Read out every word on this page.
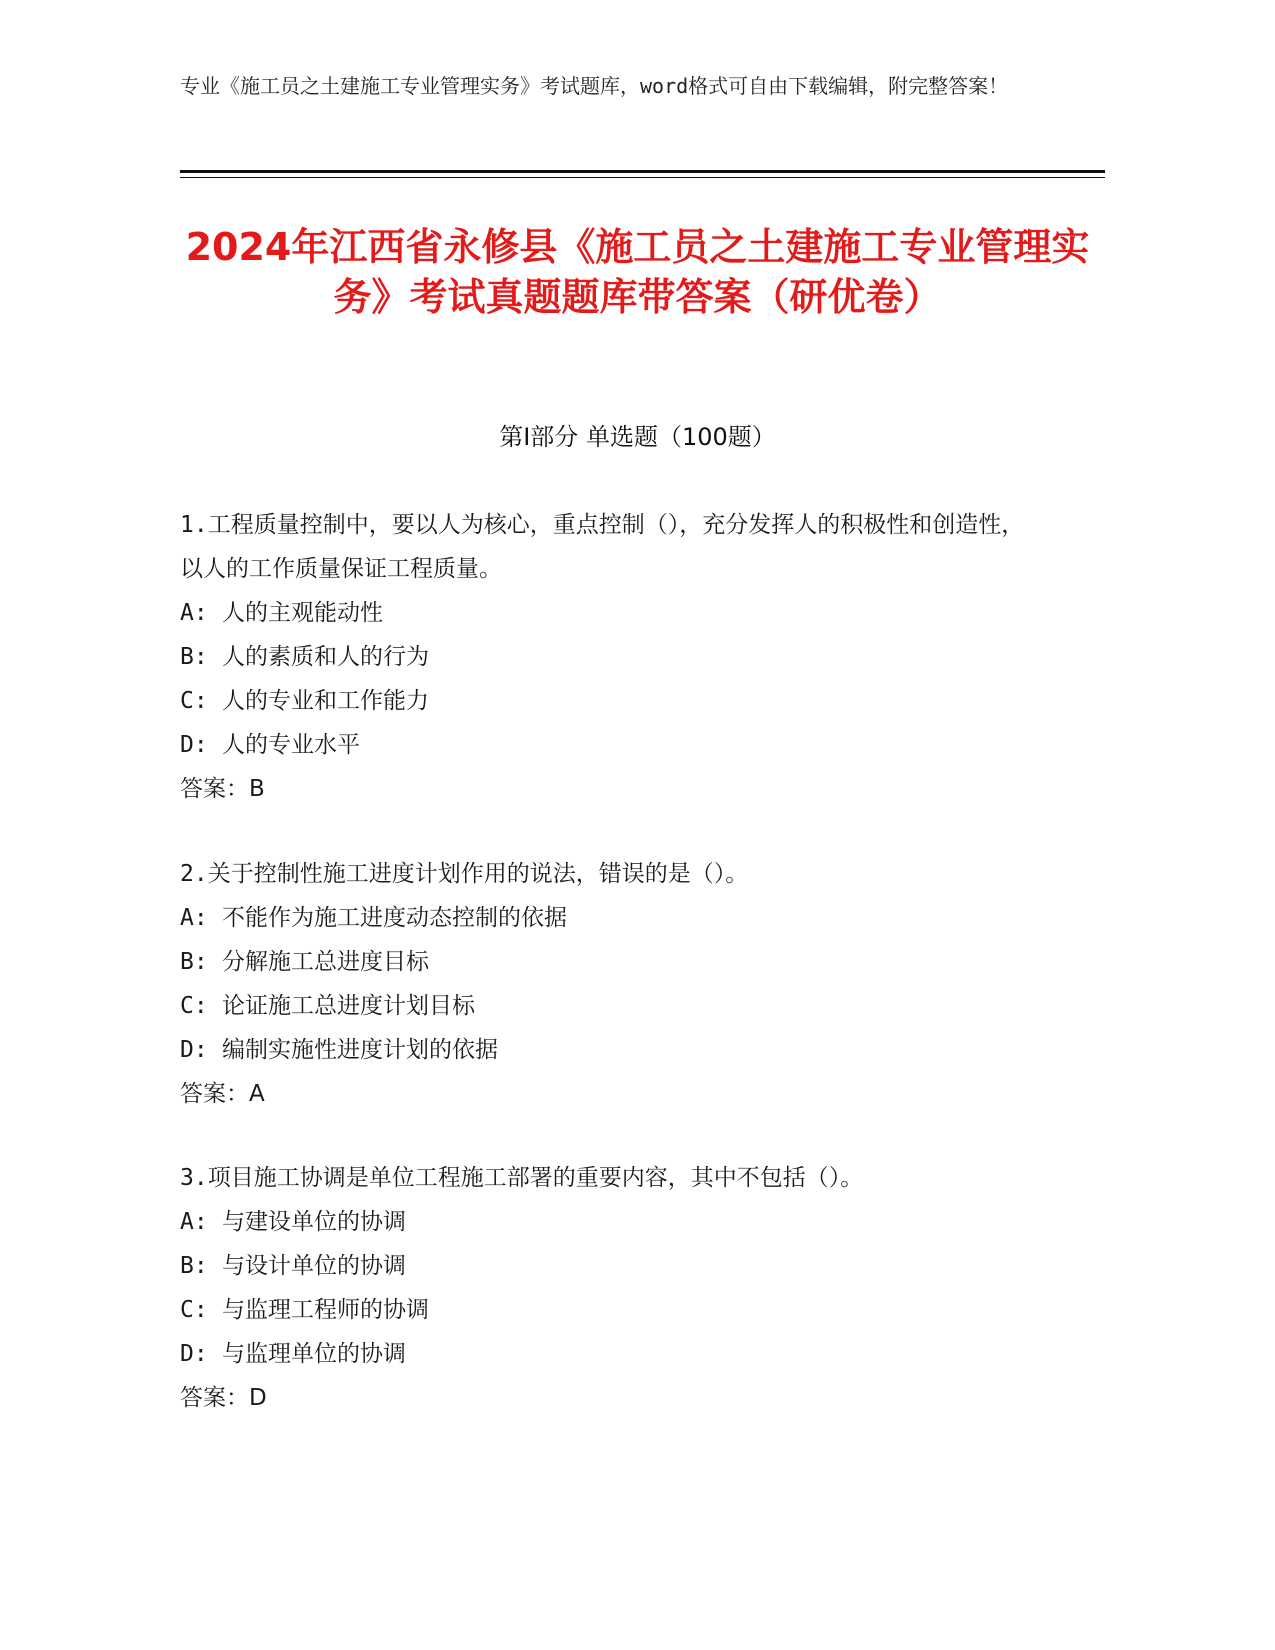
专业《施工员之土建施工专业管理实务》考试题库，word格式可自由下载编辑，附完整答案！
2024年江西省永修县《施工员之土建施工专业管理实务》考试真题题库带答案（研优卷）
第I部分 单选题（100题）

1.工程质量控制中，要以人为核心，重点控制（），充分发挥人的积极性和创造性，以人的工作质量保证工程质量。

A: 人的主观能动性

B: 人的素质和人的行为

C: 人的专业和工作能力

D: 人的专业水平

答案：B

2.关于控制性施工进度计划作用的说法，错误的是（）。

A: 不能作为施工进度动态控制的依据

B: 分解施工总进度目标

C: 论证施工总进度计划目标

D: 编制实施性进度计划的依据

答案：A

3.项目施工协调是单位工程施工部署的重要内容，其中不包括（）。

A: 与建设单位的协调

B: 与设计单位的协调

C: 与监理工程师的协调

D: 与监理单位的协调

答案：D
